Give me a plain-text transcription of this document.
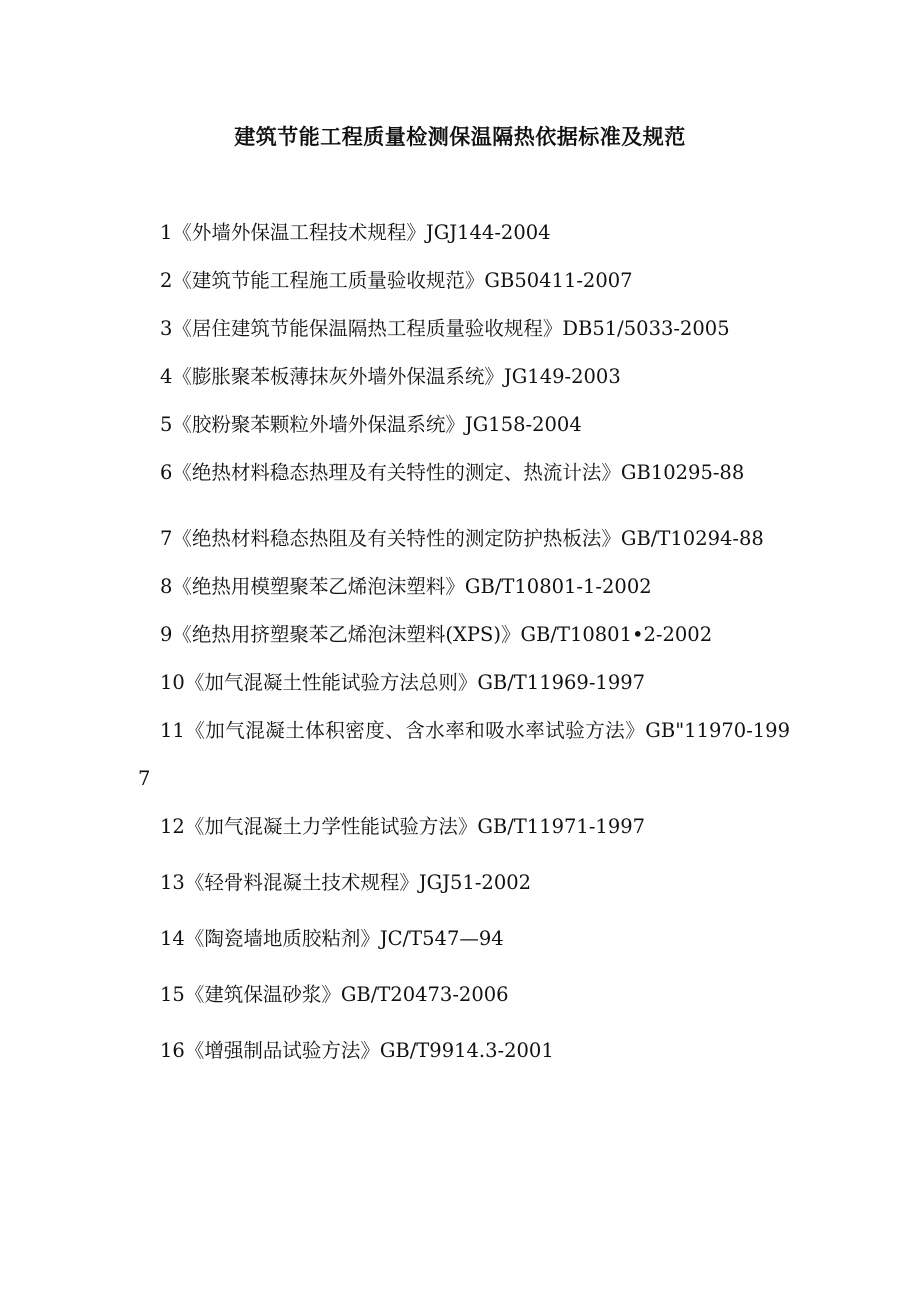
建筑节能工程质量检测保温隔热依据标准及规范
1《外墙外保温工程技术规程》JGJ144-2004
2《建筑节能工程施工质量验收规范》GB50411-2007
3《居住建筑节能保温隔热工程质量验收规程》DB51/5033-2005
4《膨胀聚苯板薄抹灰外墙外保温系统》JG149-2003
5《胶粉聚苯颗粒外墙外保温系统》JG158-2004
6《绝热材料稳态热理及有关特性的测定、热流计法》GB10295-88
7《绝热材料稳态热阻及有关特性的测定防护热板法》GB/T10294-88
8《绝热用模塑聚苯乙烯泡沫塑料》GB/T10801-1-2002
9《绝热用挤塑聚苯乙烯泡沫塑料(XPS)》GB/T10801•2-2002
10《加气混凝土性能试验方法总则》GB/T11969-1997
11《加气混凝土体积密度、含水率和吸水率试验方法》GB"11970-1997
12《加气混凝土力学性能试验方法》GB/T11971-1997
13《轻骨料混凝土技术规程》JGJ51-2002
14《陶瓷墙地质胶粘剂》JC/T547—94
15《建筑保温砂浆》GB/T20473-2006
16《增强制品试验方法》GB/T9914.3-2001
